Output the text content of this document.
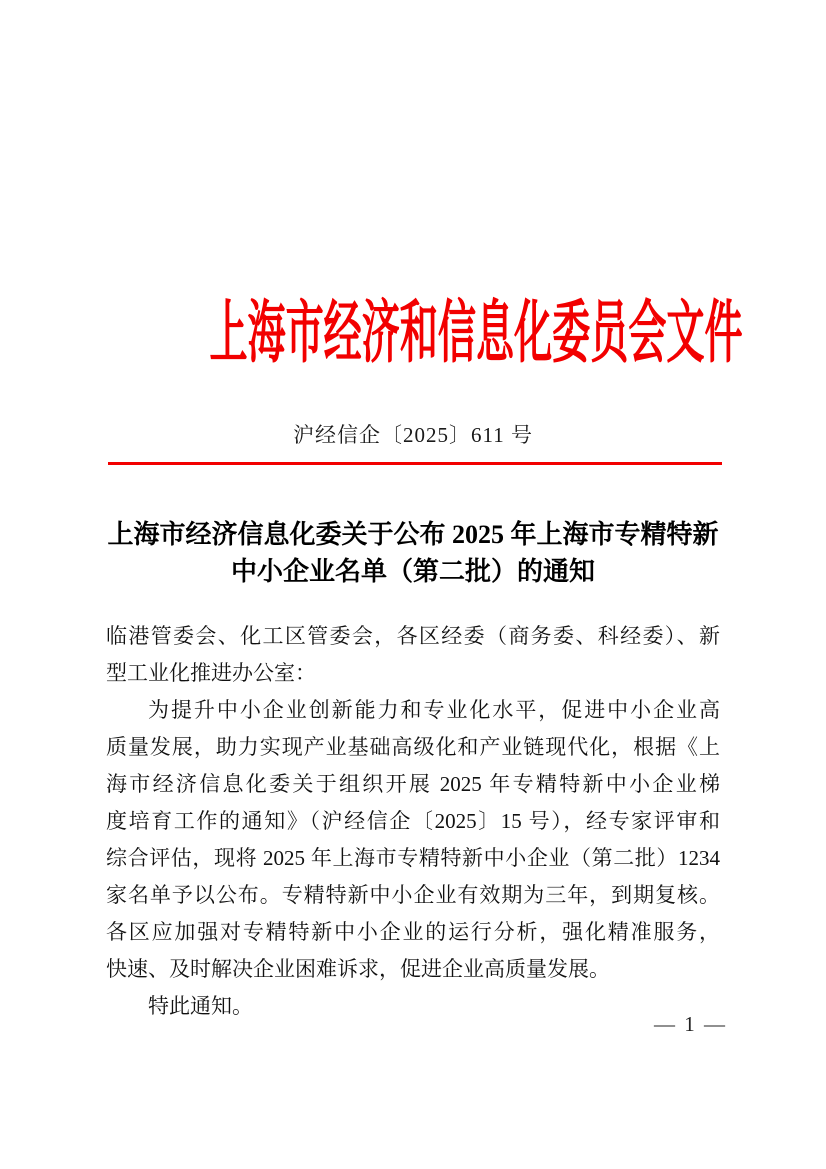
上海市经济和信息化委员会文件
沪经信企〔2025〕611 号
上海市经济信息化委关于公布 2025 年上海市专精特新
中小企业名单（第二批）的通知
临港管委会、化工区管委会，各区经委（商务委、科经委）、新
型工业化推进办公室：
为提升中小企业创新能力和专业化水平，促进中小企业高
质量发展，助力实现产业基础高级化和产业链现代化，根据《上
海市经济信息化委关于组织开展 2025 年专精特新中小企业梯
度培育工作的通知》（沪经信企〔2025〕15 号），经专家评审和
综合评估，现将 2025 年上海市专精特新中小企业（第二批）1234
家名单予以公布。专精特新中小企业有效期为三年，到期复核。
各区应加强对专精特新中小企业的运行分析，强化精准服务，
快速、及时解决企业困难诉求，促进企业高质量发展。
特此通知。
— 1 —
